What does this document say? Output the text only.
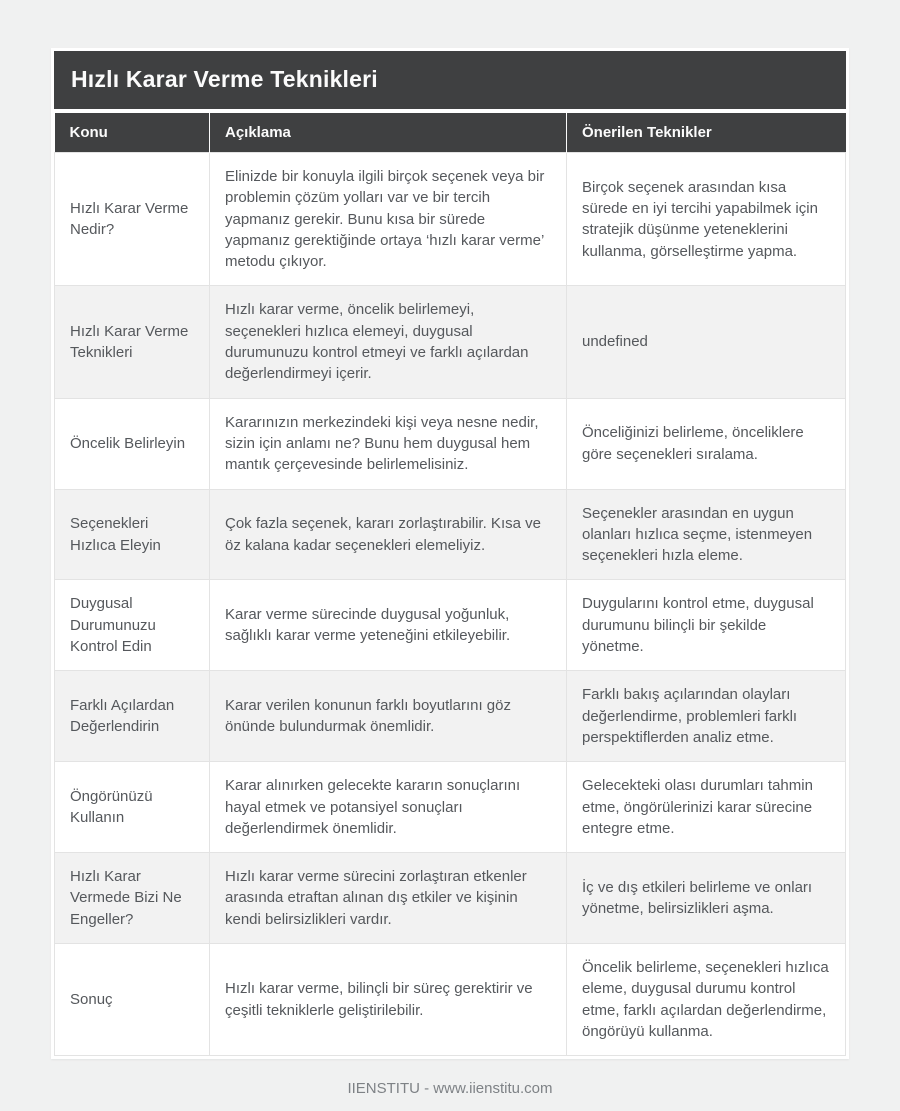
Hızlı Karar Verme Teknikleri
Konu	Açıklama	Önerilen Teknikler
Hızlı Karar Verme Nedir?	Elinizde bir konuyla ilgili birçok seçenek veya bir problemin çözüm yolları var ve bir tercih yapmanız gerekir. Bunu kısa bir sürede yapmanız gerektiğinde ortaya ‘hızlı karar verme’ metodu çıkıyor.	Birçok seçenek arasından kısa sürede en iyi tercihi yapabilmek için stratejik düşünme yeteneklerini kullanma, görselleştirme yapma.
Hızlı Karar Verme Teknikleri	Hızlı karar verme, öncelik belirlemeyi, seçenekleri hızlıca elemeyi, duygusal durumunuzu kontrol etmeyi ve farklı açılardan değerlendirmeyi içerir.	undefined
Öncelik Belirleyin	Kararınızın merkezindeki kişi veya nesne nedir, sizin için anlamı ne? Bunu hem duygusal hem mantık çerçevesinde belirlemelisiniz.	Önceliğinizi belirleme, önceliklere göre seçenekleri sıralama.
Seçenekleri Hızlıca Eleyin	Çok fazla seçenek, kararı zorlaştırabilir. Kısa ve öz kalana kadar seçenekleri elemeliyiz.	Seçenekler arasından en uygun olanları hızlıca seçme, istenmeyen seçenekleri hızla eleme.
Duygusal Durumunuzu Kontrol Edin	Karar verme sürecinde duygusal yoğunluk, sağlıklı karar verme yeteneğini etkileyebilir.	Duygularını kontrol etme, duygusal durumunu bilinçli bir şekilde yönetme.
Farklı Açılardan Değerlendirin	Karar verilen konunun farklı boyutlarını göz önünde bulundurmak önemlidir.	Farklı bakış açılarından olayları değerlendirme, problemleri farklı perspektiflerden analiz etme.
Öngörünüzü Kullanın	Karar alınırken gelecekte kararın sonuçlarını hayal etmek ve potansiyel sonuçları değerlendirmek önemlidir.	Gelecekteki olası durumları tahmin etme, öngörülerinizi karar sürecine entegre etme.
Hızlı Karar Vermede Bizi Ne Engeller?	Hızlı karar verme sürecini zorlaştıran etkenler arasında etraftan alınan dış etkiler ve kişinin kendi belirsizlikleri vardır.	İç ve dış etkileri belirleme ve onları yönetme, belirsizlikleri aşma.
Sonuç	Hızlı karar verme, bilinçli bir süreç gerektirir ve çeşitli tekniklerle geliştirilebilir.	Öncelik belirleme, seçenekleri hızlıca eleme, duygusal durumu kontrol etme, farklı açılardan değerlendirme, öngörüyü kullanma.
IIENSTITU - www.iienstitu.com
